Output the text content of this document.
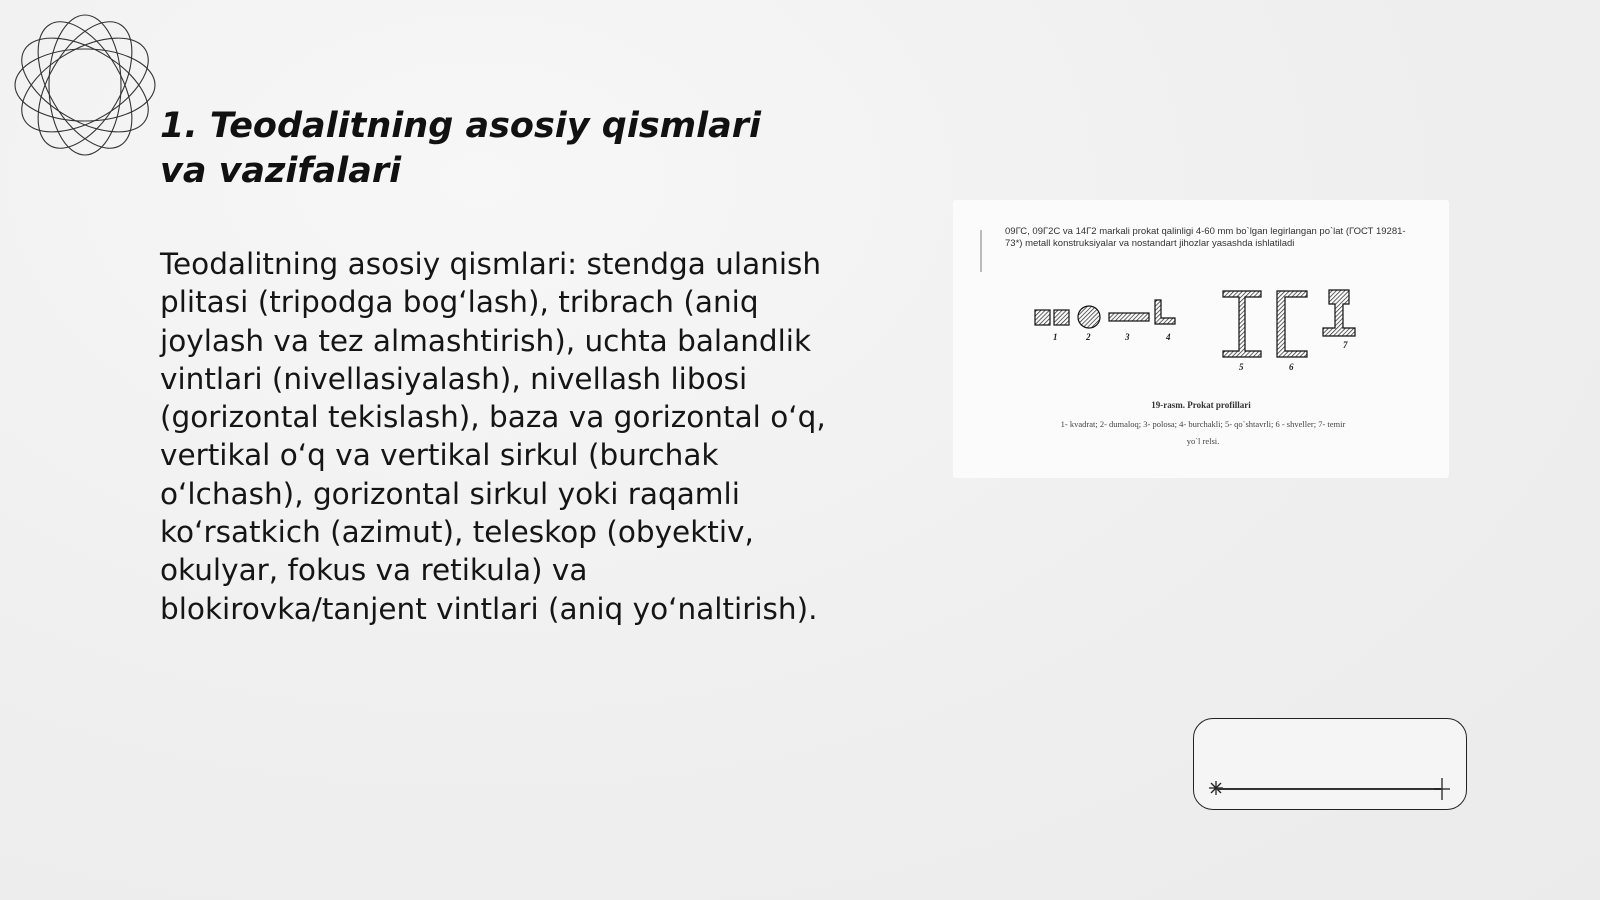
1. Teodalitning asosiy qismlari va vazifalari

Teodalitning asosiy qismlari: stendga ulanish plitasi (tripodga bog‘lash), tribrach (aniq joylash va tez almashtirish), uchta balandlik vintlari (nivellasiyalash), nivellash libosi (gorizontal tekislash), baza va gorizontal o‘q, vertikal o‘q va vertikal sirkul (burchak o‘lchash), gorizontal sirkul yoki raqamli ko‘rsatkich (azimut), teleskop (obyektiv, okulyar, fokus va retikula) va blokirovka/tanjent vintlari (aniq yo‘naltirish).

09ГС, 09Г2С va 14Г2 markali prokat qalinligi 4-60 mm bo`lgan legirlangan po`lat (ГОСТ 19281-73*) metall konstruksiyalar va nostandart jihozlar yasashda ishlatiladi
1	2	3	4
5	6
7
19-rasm. Prokat profillari
1- kvadrat; 2- dumaloq; 3- polosa; 4- burchakli; 5- qo`shtavrli; 6 - shveller; 7- temir yo`l relsi.
